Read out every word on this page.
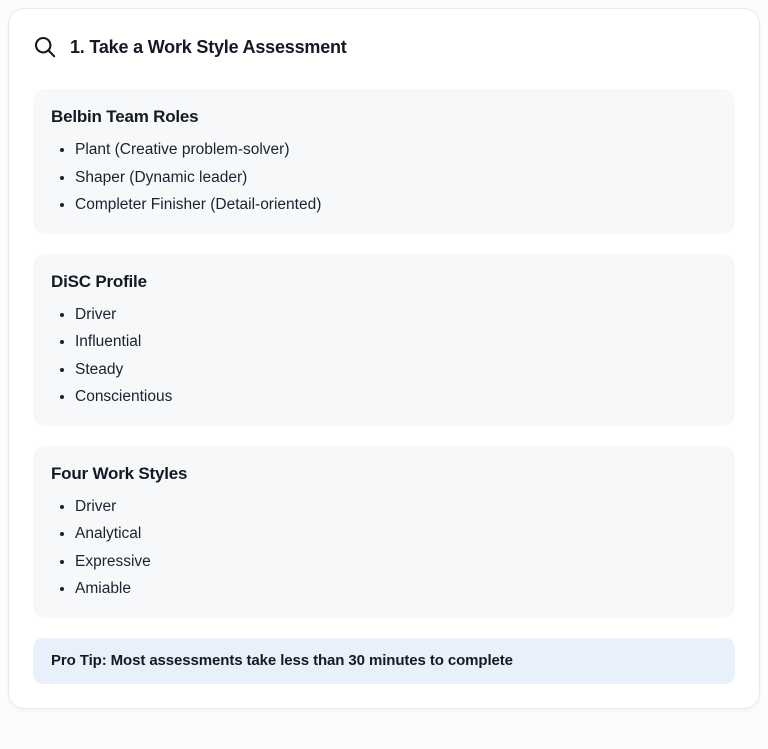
1. Take a Work Style Assessment
Belbin Team Roles
• Plant (Creative problem-solver)
• Shaper (Dynamic leader)
• Completer Finisher (Detail-oriented)
DiSC Profile
• Driver
• Influential
• Steady
• Conscientious
Four Work Styles
• Driver
• Analytical
• Expressive
• Amiable
Pro Tip: Most assessments take less than 30 minutes to complete
